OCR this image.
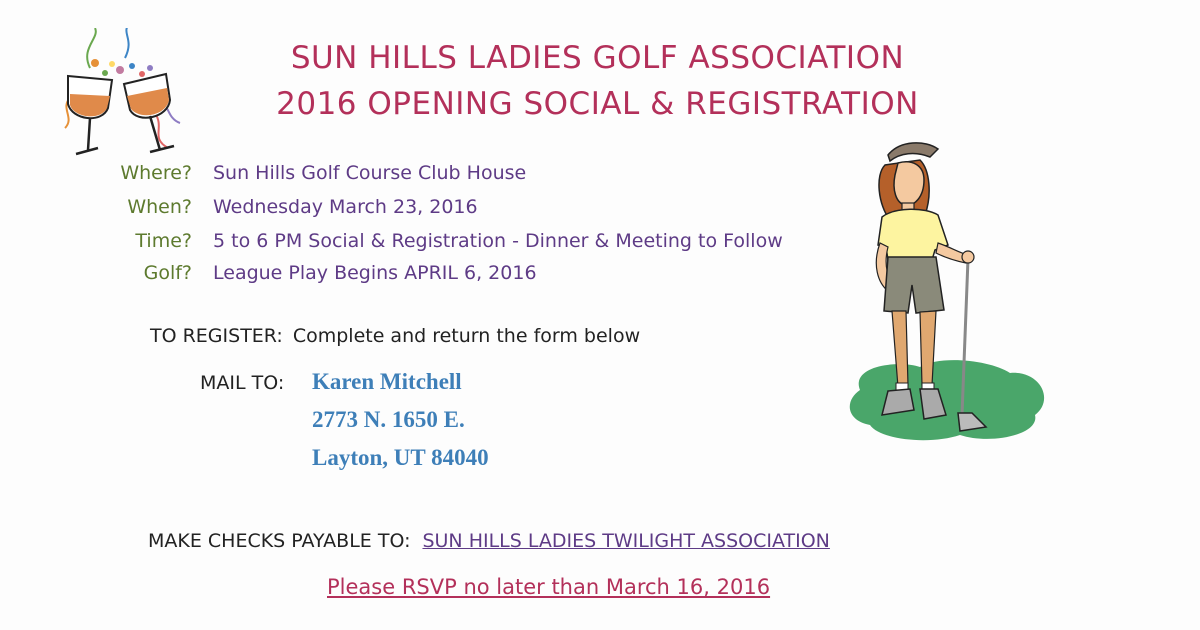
SUN HILLS LADIES GOLF ASSOCIATION
2016 OPENING SOCIAL & REGISTRATION
Where? Sun Hills Golf Course Club House
When? Wednesday March 23, 2016
Time? 5 to 6 PM Social & Registration - Dinner & Meeting to Follow
Golf? League Play Begins APRIL 6, 2016
TO REGISTER: Complete and return the form below
MAIL TO: Karen Mitchell
2773 N. 1650 E.
Layton, UT 84040
MAKE CHECKS PAYABLE TO: SUN HILLS LADIES TWILIGHT ASSOCIATION
Please RSVP no later than March 16, 2016
